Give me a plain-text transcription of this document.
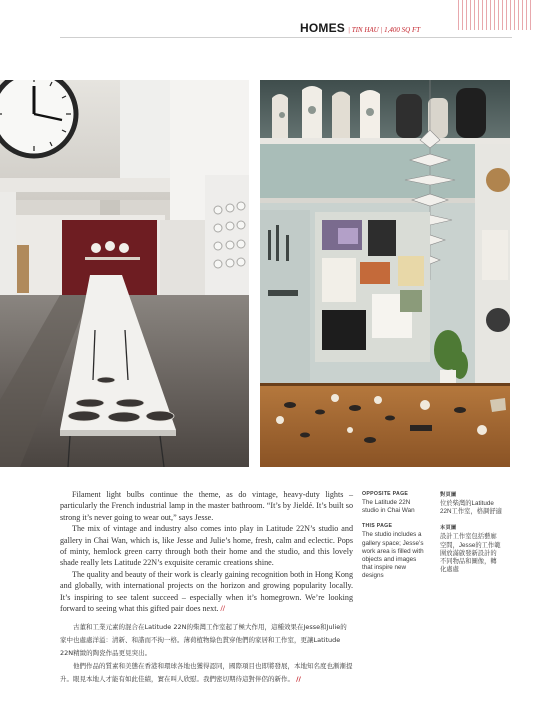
HOMES | TIN HAU | 1,400 SQ FT

Filament light bulbs continue the theme, as do vintage, heavy-duty lights – particularly the French industrial lamp in the master bathroom. “It’s by Jieldé. It’s built so strong it’s never going to wear out,” says Jesse.

The mix of vintage and industry also comes into play in Latitude 22N’s studio and gallery in Chai Wan, which is, like Jesse and Julie’s home, fresh, calm and eclectic. Pops of minty, hemlock green carry through both their home and the studio, and this lovely shade really lets Latitude 22N’s exquisite ceramic creations shine.

The quality and beauty of their work is clearly gaining recognition both in Hong Kong and globally, with international projects on the horizon and growing popularity locally. It’s inspiring to see talent succeed – especially when it’s homegrown. We’re looking forward to seeing what this gifted pair does next. //

古董和工業元素的混合在Latitude 22N的柴灣工作室起了極大作用，這種效果在Jesse和Julie的家中也處處洋溢：清新、和諧而不拘一格。薄荷植物綠色貫穿他們的家居和工作室，更讓Latitude 22N精緻的陶瓷作品更見突出。

他們作品的質素和美態在香港和環球各地也獲得認同，國際項目也即將發展，本地知名度也漸漸提升。眼見本地人才能有如此佳績，實在叫人欣慰。我們密切期待這對伴侶的新作。 //

OPPOSITE PAGE
The Latitude 22N studio in Chai Wan
THIS PAGE
The studio includes a gallery space; Jesse’s work area is filled with objects and images that inspire new designs
對頁圖
位於柴灣的Latitude 22N工作室，格調舒適
本頁圖
設計工作室包括藝廊空間，Jesse的工作範圍放滿啟發新設計的不同物品和圖像，轉化處處
